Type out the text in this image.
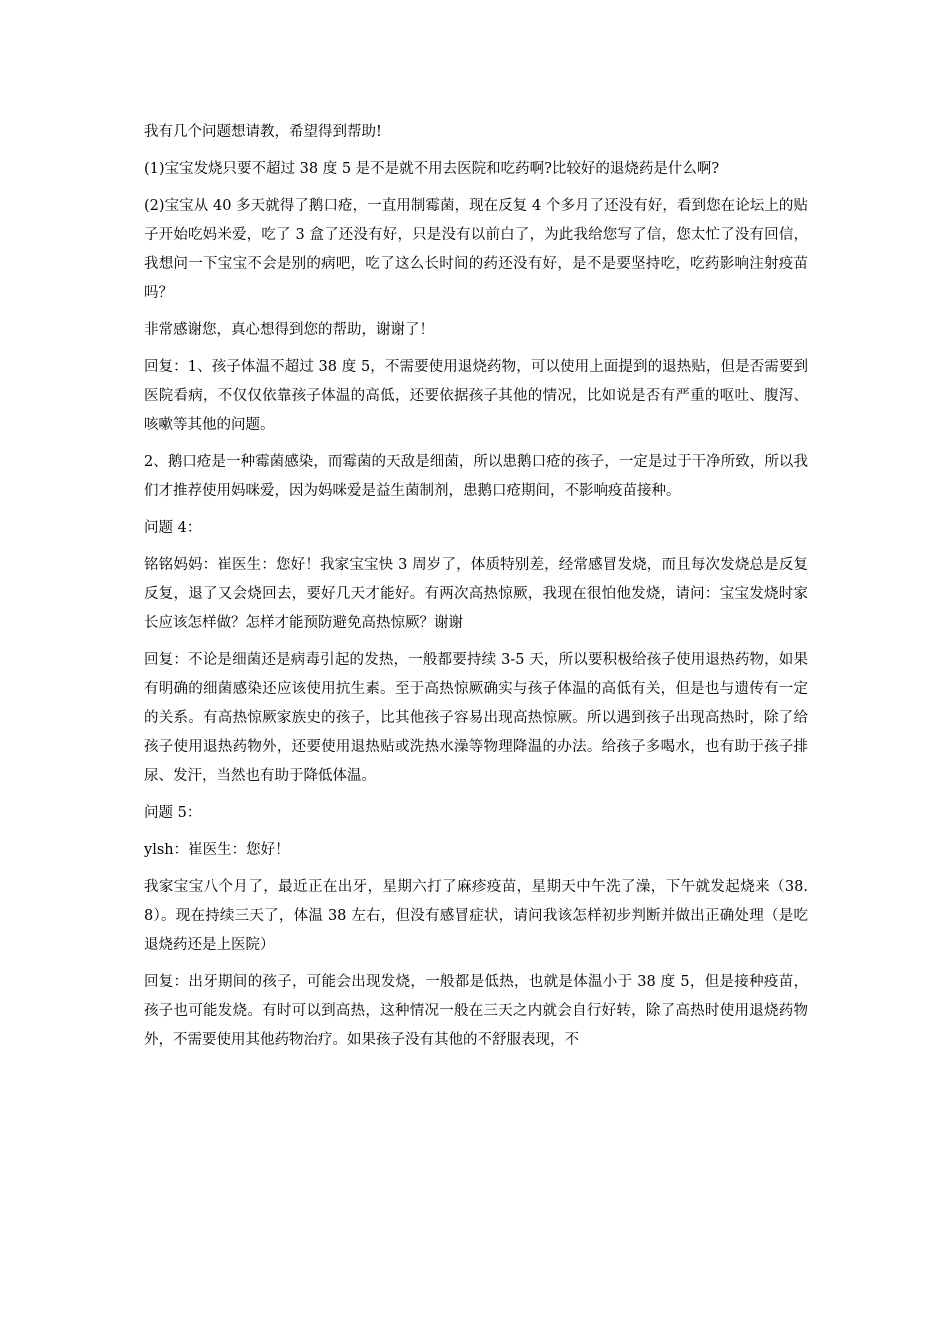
我有几个问题想请教，希望得到帮助!

(1)宝宝发烧只要不超过 38 度 5 是不是就不用去医院和吃药啊?比较好的退烧药是什么啊?

(2)宝宝从 40 多天就得了鹅口疮，一直用制霉菌，现在反复 4 个多月了还没有好，看到您在论坛上的贴子开始吃妈米爱，吃了 3 盒了还没有好，只是没有以前白了，为此我给您写了信，您太忙了没有回信，我想问一下宝宝不会是别的病吧，吃了这么长时间的药还没有好，是不是要坚持吃，吃药影响注射疫苗吗？

非常感谢您，真心想得到您的帮助，谢谢了！

回复：1、孩子体温不超过 38 度 5，不需要使用退烧药物，可以使用上面提到的退热贴，但是否需要到医院看病，不仅仅依靠孩子体温的高低，还要依据孩子其他的情况，比如说是否有严重的呕吐、腹泻、咳嗽等其他的问题。

2、鹅口疮是一种霉菌感染，而霉菌的天敌是细菌，所以患鹅口疮的孩子，一定是过于干净所致，所以我们才推荐使用妈咪爱，因为妈咪爱是益生菌制剂，患鹅口疮期间，不影响疫苗接种。

问题 4：

铭铭妈妈：崔医生：您好！我家宝宝快 3 周岁了，体质特别差，经常感冒发烧，而且每次发烧总是反复反复，退了又会烧回去，要好几天才能好。有两次高热惊厥，我现在很怕他发烧，请问：宝宝发烧时家长应该怎样做？怎样才能预防避免高热惊厥？谢谢

回复：不论是细菌还是病毒引起的发热，一般都要持续 3-5 天，所以要积极给孩子使用退热药物，如果有明确的细菌感染还应该使用抗生素。至于高热惊厥确实与孩子体温的高低有关，但是也与遗传有一定的关系。有高热惊厥家族史的孩子，比其他孩子容易出现高热惊厥。所以遇到孩子出现高热时，除了给孩子使用退热药物外，还要使用退热贴或洗热水澡等物理降温的办法。给孩子多喝水，也有助于孩子排尿、发汗，当然也有助于降低体温。

问题 5：

ylsh：崔医生：您好！

我家宝宝八个月了，最近正在出牙，星期六打了麻疹疫苗，星期天中午洗了澡，下午就发起烧来（38.8）。现在持续三天了，体温 38 左右，但没有感冒症状，请问我该怎样初步判断并做出正确处理（是吃退烧药还是上医院）

回复：出牙期间的孩子，可能会出现发烧，一般都是低热，也就是体温小于 38 度 5，但是接种疫苗，孩子也可能发烧。有时可以到高热，这种情况一般在三天之内就会自行好转，除了高热时使用退烧药物外，不需要使用其他药物治疗。如果孩子没有其他的不舒服表现，不
